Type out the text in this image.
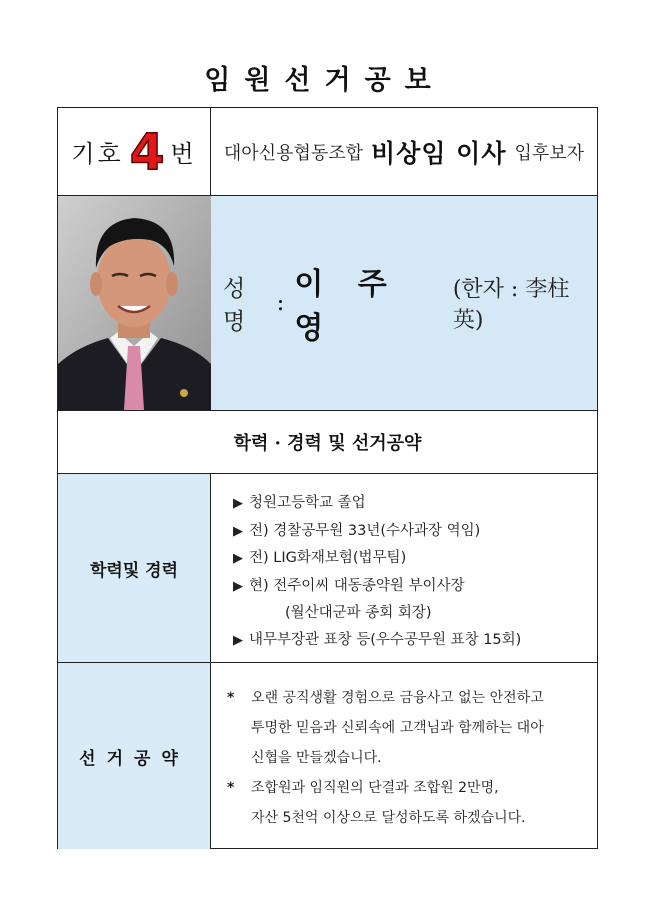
임원선거공보
기호 4 번 대아신용협동조합 비상임 이사 입후보자
성명
:
이 주 영
(한자 : 李柱英)
학력 · 경력 및 선거공약
학력및 경력
▶ 청원고등학교 졸업
▶ 전) 경찰공무원 33년(수사과장 역임)
▶ 전) LIG화재보험(법무팀)
▶ 현) 전주이씨 대동종약원 부이사장
(월산대군파 종회 회장)
▶ 내무부장관 표창 등(우수공무원 표창 15회)
선거공약
* 오랜 공직생활 경험으로 금융사고 없는 안전하고
투명한 믿음과 신뢰속에 고객님과 함께하는 대아
신협을 만들겠습니다.
* 조합원과 임직원의 단결과 조합원 2만명,
자산 5천억 이상으로 달성하도록 하겠습니다.
